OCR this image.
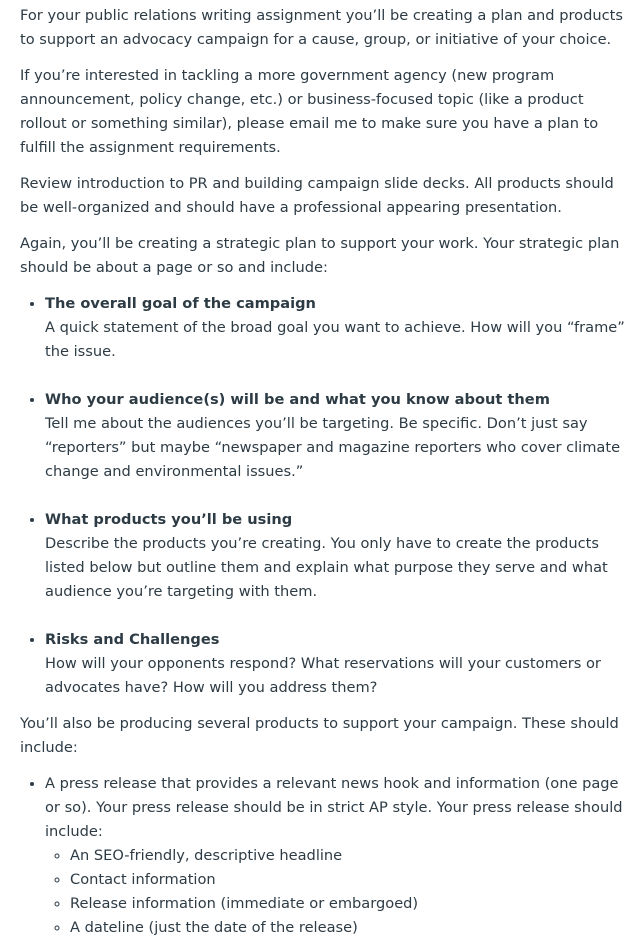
For your public relations writing assignment you’ll be creating a plan and products to support an advocacy campaign for a cause, group, or initiative of your choice.

If you’re interested in tackling a more government agency (new program announcement, policy change, etc.) or business-focused topic (like a product rollout or something similar), please email me to make sure you have a plan to fulfill the assignment requirements.

Review introduction to PR and building campaign slide decks. All products should be well-organized and should have a professional appearing presentation.

Again, you’ll be creating a strategic plan to support your work. Your strategic plan should be about a page or so and include:

• The overall goal of the campaign
A quick statement of the broad goal you want to achieve. How will you “frame” the issue.
• Who your audience(s) will be and what you know about them
Tell me about the audiences you’ll be targeting. Be specific. Don’t just say “reporters” but maybe “newspaper and magazine reporters who cover climate change and environmental issues.”
• What products you’ll be using
Describe the products you’re creating. You only have to create the products listed below but outline them and explain what purpose they serve and what audience you’re targeting with them.
• Risks and Challenges
How will your opponents respond? What reservations will your customers or advocates have? How will you address them?

You’ll also be producing several products to support your campaign. These should include:

• A press release that provides a relevant news hook and information (one page or so). Your press release should be in strict AP style. Your press release should include:
◦ An SEO-friendly, descriptive headline
◦ Contact information
◦ Release information (immediate or embargoed)
◦ A dateline (just the date of the release)
